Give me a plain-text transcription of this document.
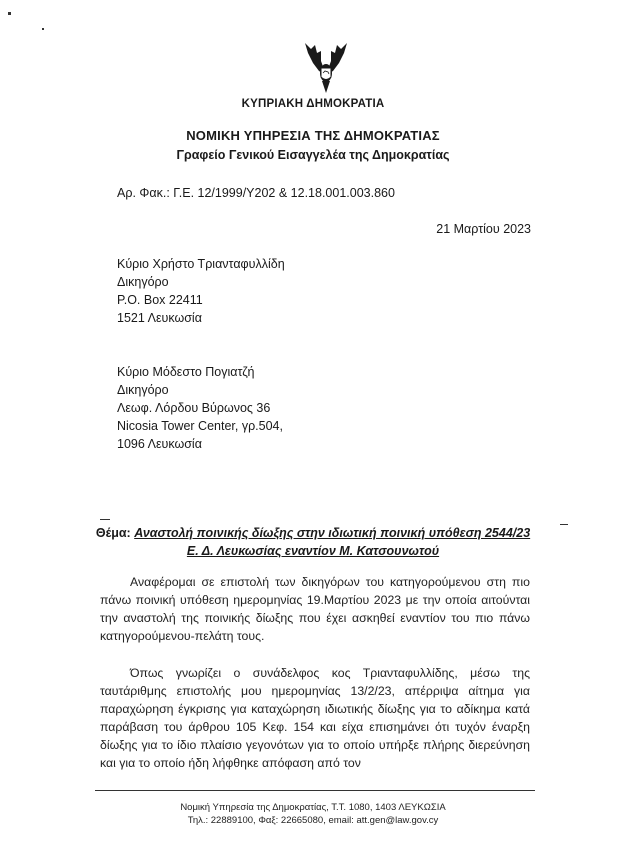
ΚΥΠΡΙΑΚΗ ΔΗΜΟΚΡΑΤΙΑ
ΝΟΜΙΚΗ ΥΠΗΡΕΣΙΑ ΤΗΣ ΔΗΜΟΚΡΑΤΙΑΣ
Γραφείο Γενικού Εισαγγελέα της Δημοκρατίας
Αρ. Φακ.: Γ.Ε. 12/1999/Υ202 & 12.18.001.003.860
21 Μαρτίου 2023
Κύριο Χρήστο Τριανταφυλλίδη
Δικηγόρο
P.O. Box 22411
1521 Λευκωσία
Κύριο Μόδεστο Πογιατζή
Δικηγόρο
Λεωφ. Λόρδου Βύρωνος 36
Nicosia Tower Center, γρ.504,
1096 Λευκωσία
Θέμα: Αναστολή ποινικής δίωξης στην ιδιωτική ποινική υπόθεση 2544/23
Ε. Δ. Λευκωσίας εναντίον Μ. Κατσουνωτού
Αναφέρομαι σε επιστολή των δικηγόρων του κατηγορούμενου στη πιο πάνω ποινική υπόθεση ημερομηνίας 19.Μαρτίου 2023 με την οποία αιτούνται την αναστολή της ποινικής δίωξης που έχει ασκηθεί εναντίον του πιο πάνω κατηγορούμενου-πελάτη τους.
Όπως γνωρίζει ο συνάδελφος κος Τριανταφυλλίδης, μέσω της ταυτάριθμης επιστολής μου ημερομηνίας 13/2/23, απέρριψα αίτημα για παραχώρηση έγκρισης για καταχώρηση ιδιωτικής δίωξης για το αδίκημα κατά παράβαση του άρθρου 105 Κεφ. 154 και είχα επισημάνει ότι τυχόν έναρξη δίωξης για το ίδιο πλαίσιο γεγονότων για το οποίο υπήρξε πλήρης διερεύνηση και για το οποίο ήδη λήφθηκε απόφαση από τον
Νομική Υπηρεσία της Δημοκρατίας, Τ.Τ. 1080, 1403 ΛΕΥΚΩΣΙΑ
Τηλ.: 22889100, Φαξ: 22665080, email: att.gen@law.gov.cy
